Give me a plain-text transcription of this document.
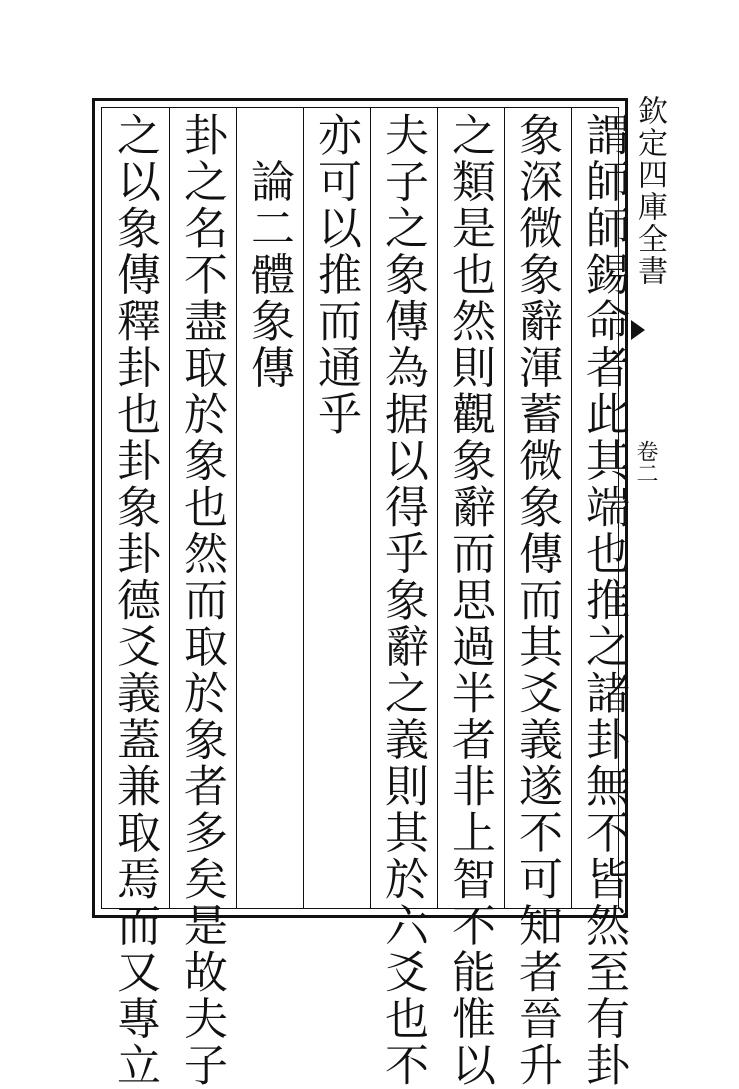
謂師師錫命者此其端也推之諸卦無不皆然至有卦
象深微象辭渾蓄微象傳而其爻義遂不可知者晉升
之類是也然則觀象辭而思過半者非上智不能惟以
夫子之象傳為据以得乎象辭之義則其於六爻也不
亦可以推而通乎
　論二體象傳
卦之名不盡取於象也然而取於象者多矣是故夫子
之以象傳釋卦也卦象卦德爻義蓋兼取焉而又專立	欽定四庫全書
卷二
